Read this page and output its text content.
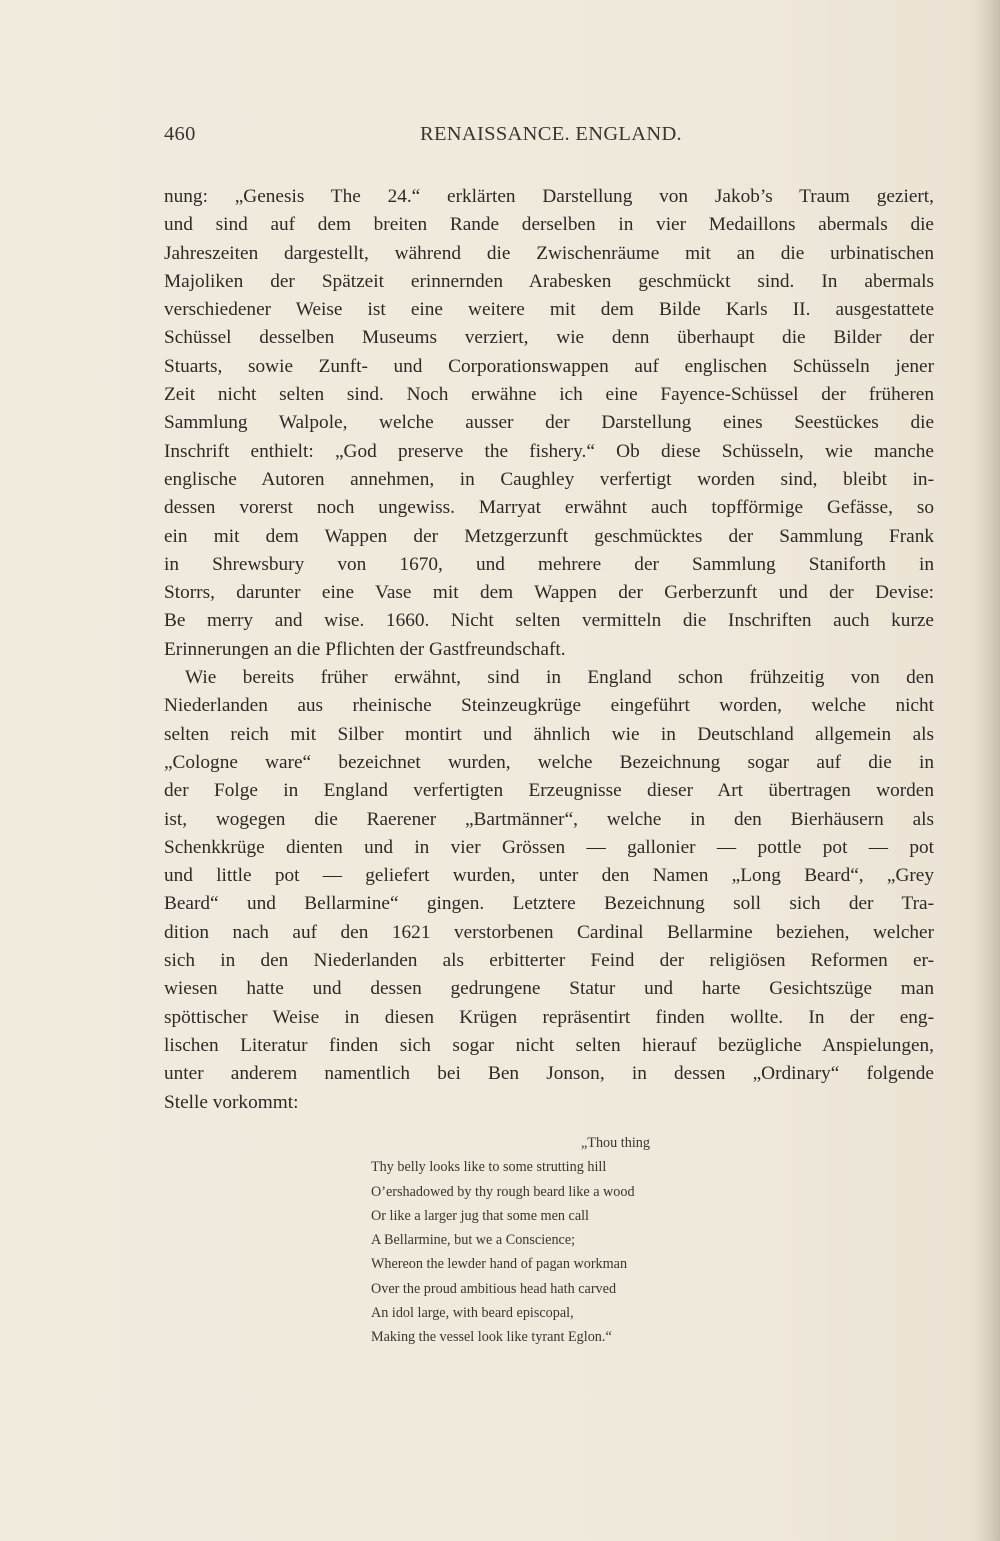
460	RENAISSANCE. ENGLAND.
nung: „Genesis The 24.“ erklärten Darstellung von Jakob’s Traum geziert,
und sind auf dem breiten Rande derselben in vier Medaillons abermals die
Jahreszeiten dargestellt, während die Zwischenräume mit an die urbinatischen
Majoliken der Spätzeit erinnernden Arabesken geschmückt sind. In abermals
verschiedener Weise ist eine weitere mit dem Bilde Karls II. ausgestattete
Schüssel desselben Museums verziert, wie denn überhaupt die Bilder der
Stuarts, sowie Zunft- und Corporationswappen auf englischen Schüsseln jener
Zeit nicht selten sind. Noch erwähne ich eine Fayence-Schüssel der früheren
Sammlung Walpole, welche ausser der Darstellung eines Seestückes die
Inschrift enthielt: „God preserve the fishery.“ Ob diese Schüsseln, wie manche
englische Autoren annehmen, in Caughley verfertigt worden sind, bleibt in-
dessen vorerst noch ungewiss. Marryat erwähnt auch topfförmige Gefässe, so
ein mit dem Wappen der Metzgerzunft geschmücktes der Sammlung Frank
in Shrewsbury von 1670, und mehrere der Sammlung Staniforth in
Storrs, darunter eine Vase mit dem Wappen der Gerberzunft und der Devise:
Be merry and wise. 1660. Nicht selten vermitteln die Inschriften auch kurze
Erinnerungen an die Pflichten der Gastfreundschaft.
Wie bereits früher erwähnt, sind in England schon frühzeitig von den
Niederlanden aus rheinische Steinzeugkrüge eingeführt worden, welche nicht
selten reich mit Silber montirt und ähnlich wie in Deutschland allgemein als
„Cologne ware“ bezeichnet wurden, welche Bezeichnung sogar auf die in
der Folge in England verfertigten Erzeugnisse dieser Art übertragen worden
ist, wogegen die Raerener „Bartmänner“, welche in den Bierhäusern als
Schenkkrüge dienten und in vier Grössen — gallonier — pottle pot — pot
und little pot — geliefert wurden, unter den Namen „Long Beard“, „Grey
Beard“ und Bellarmine“ gingen. Letztere Bezeichnung soll sich der Tra-
dition nach auf den 1621 verstorbenen Cardinal Bellarmine beziehen, welcher
sich in den Niederlanden als erbitterter Feind der religiösen Reformen er-
wiesen hatte und dessen gedrungene Statur und harte Gesichtszüge man
spöttischer Weise in diesen Krügen repräsentirt finden wollte. In der eng-
lischen Literatur finden sich sogar nicht selten hierauf bezügliche Anspielungen,
unter anderem namentlich bei Ben Jonson, in dessen „Ordinary“ folgende
Stelle vorkommt:
„Thou thing
Thy belly looks like to some strutting hill
O’ershadowed by thy rough beard like a wood
Or like a larger jug that some men call
A Bellarmine, but we a Conscience;
Whereon the lewder hand of pagan workman
Over the proud ambitious head hath carved
An idol large, with beard episcopal,
Making the vessel look like tyrant Eglon.“
